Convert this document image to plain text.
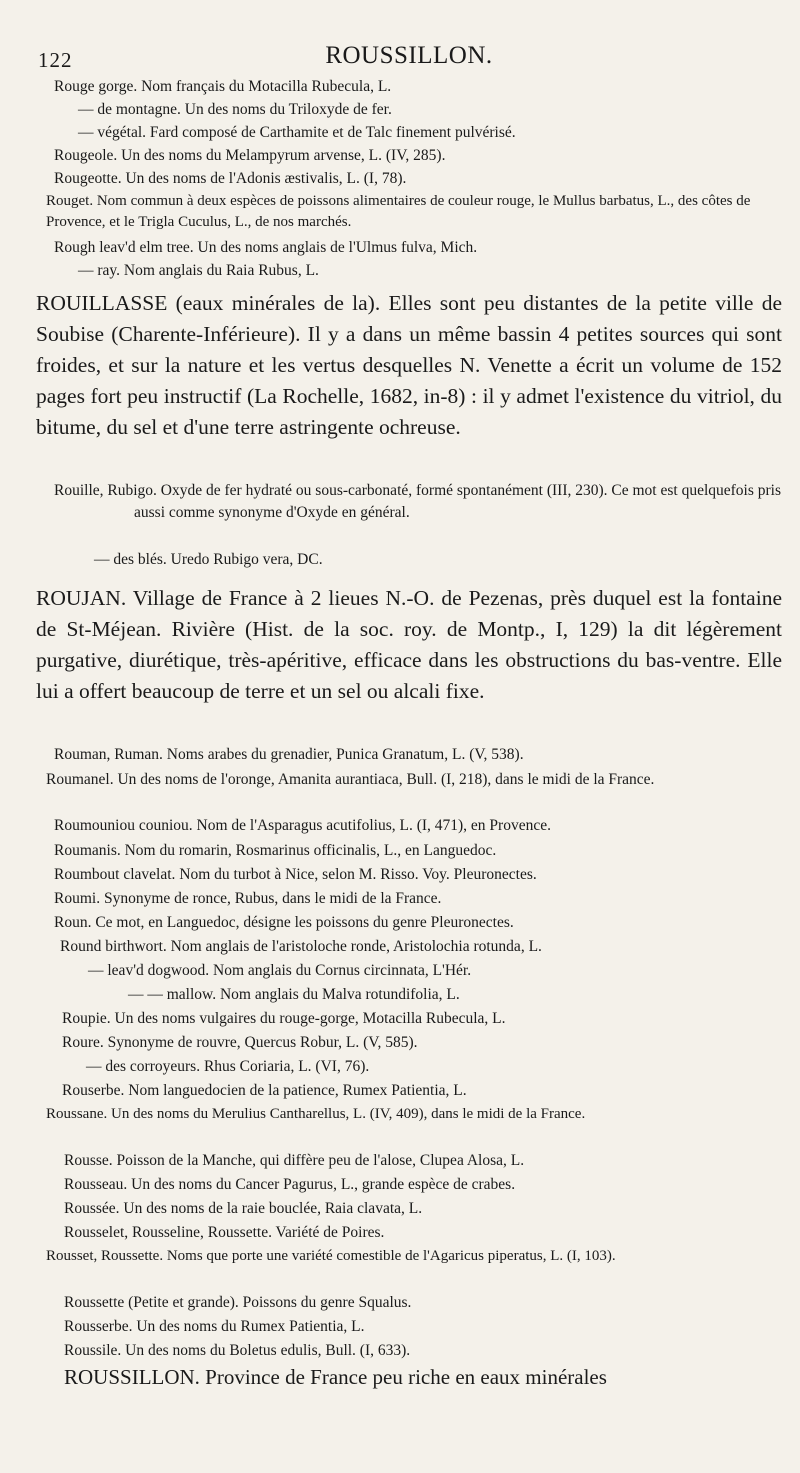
122	ROUSSILLON.
Rouge gorge. Nom français du Motacilla Rubecula, L.
— de montagne. Un des noms du Triloxyde de fer.
— végétal. Fard composé de Carthamite et de Talc finement pulvérisé.
Rougeole. Un des noms du Melampyrum arvense, L. (IV, 285).
Rougeotte. Un des noms de l'Adonis æstivalis, L. (I, 78).
Rouget. Nom commun à deux espèces de poissons alimentaires de couleur rouge, le Mullus barbatus, L., des côtes de Provence, et le Trigla Cuculus, L., de nos marchés.
Rough leav'd elm tree. Un des noms anglais de l'Ulmus fulva, Mich.
— ray. Nom anglais du Raia Rubus, L.
ROUILLASSE (eaux minérales de la). Elles sont peu distantes de la petite ville de Soubise (Charente-Inférieure). Il y a dans un même bassin 4 petites sources qui sont froides, et sur la nature et les vertus desquelles N. Venette a écrit un volume de 152 pages fort peu instructif (La Rochelle, 1682, in-8) : il y admet l'existence du vitriol, du bitume, du sel et d'une terre astringente ochreuse.
Rouille, Rubigo. Oxyde de fer hydraté ou sous-carbonaté, formé spontanément (III, 230). Ce mot est quelquefois pris aussi comme synonyme d'Oxyde en général.
— des blés. Uredo Rubigo vera, DC.
ROUJAN. Village de France à 2 lieues N.-O. de Pezenas, près duquel est la fontaine de St-Méjean. Rivière (Hist. de la soc. roy. de Montp., I, 129) la dit légèrement purgative, diurétique, très-apéritive, efficace dans les obstructions du bas-ventre. Elle lui a offert beaucoup de terre et un sel ou alcali fixe.
Rouman, Ruman. Noms arabes du grenadier, Punica Granatum, L. (V, 538).
Roumanel. Un des noms de l'oronge, Amanita aurantiaca, Bull. (I, 218), dans le midi de la France.
Roumouniou couniou. Nom de l'Asparagus acutifolius, L. (I, 471), en Provence.
Roumanis. Nom du romarin, Rosmarinus officinalis, L., en Languedoc.
Roumbout clavelat. Nom du turbot à Nice, selon M. Risso. Voy. Pleuronectes.
Roumi. Synonyme de ronce, Rubus, dans le midi de la France.
Roun. Ce mot, en Languedoc, désigne les poissons du genre Pleuronectes.
Round birthwort. Nom anglais de l'aristoloche ronde, Aristolochia rotunda, L.
— leav'd dogwood. Nom anglais du Cornus circinnata, L'Hér.
— — mallow. Nom anglais du Malva rotundifolia, L.
Roupie. Un des noms vulgaires du rouge-gorge, Motacilla Rubecula, L.
Roure. Synonyme de rouvre, Quercus Robur, L. (V, 585).
— des corroyeurs. Rhus Coriaria, L. (VI, 76).
Rouserbe. Nom languedocien de la patience, Rumex Patientia, L.
Roussane. Un des noms du Merulius Cantharellus, L. (IV, 409), dans le midi de la France.
Rousse. Poisson de la Manche, qui diffère peu de l'alose, Clupea Alosa, L.
Rousseau. Un des noms du Cancer Pagurus, L., grande espèce de crabes.
Roussée. Un des noms de la raie bouclée, Raia clavata, L.
Rousselet, Rousseline, Roussette. Variété de Poires.
Rousset, Roussette. Noms que porte une variété comestible de l'Agaricus piperatus, L. (I, 103).
Roussette (Petite et grande). Poissons du genre Squalus.
Rousserbe. Un des noms du Rumex Patientia, L.
Roussile. Un des noms du Boletus edulis, Bull. (I, 633).
ROUSSILLON. Province de France peu riche en eaux minérales
